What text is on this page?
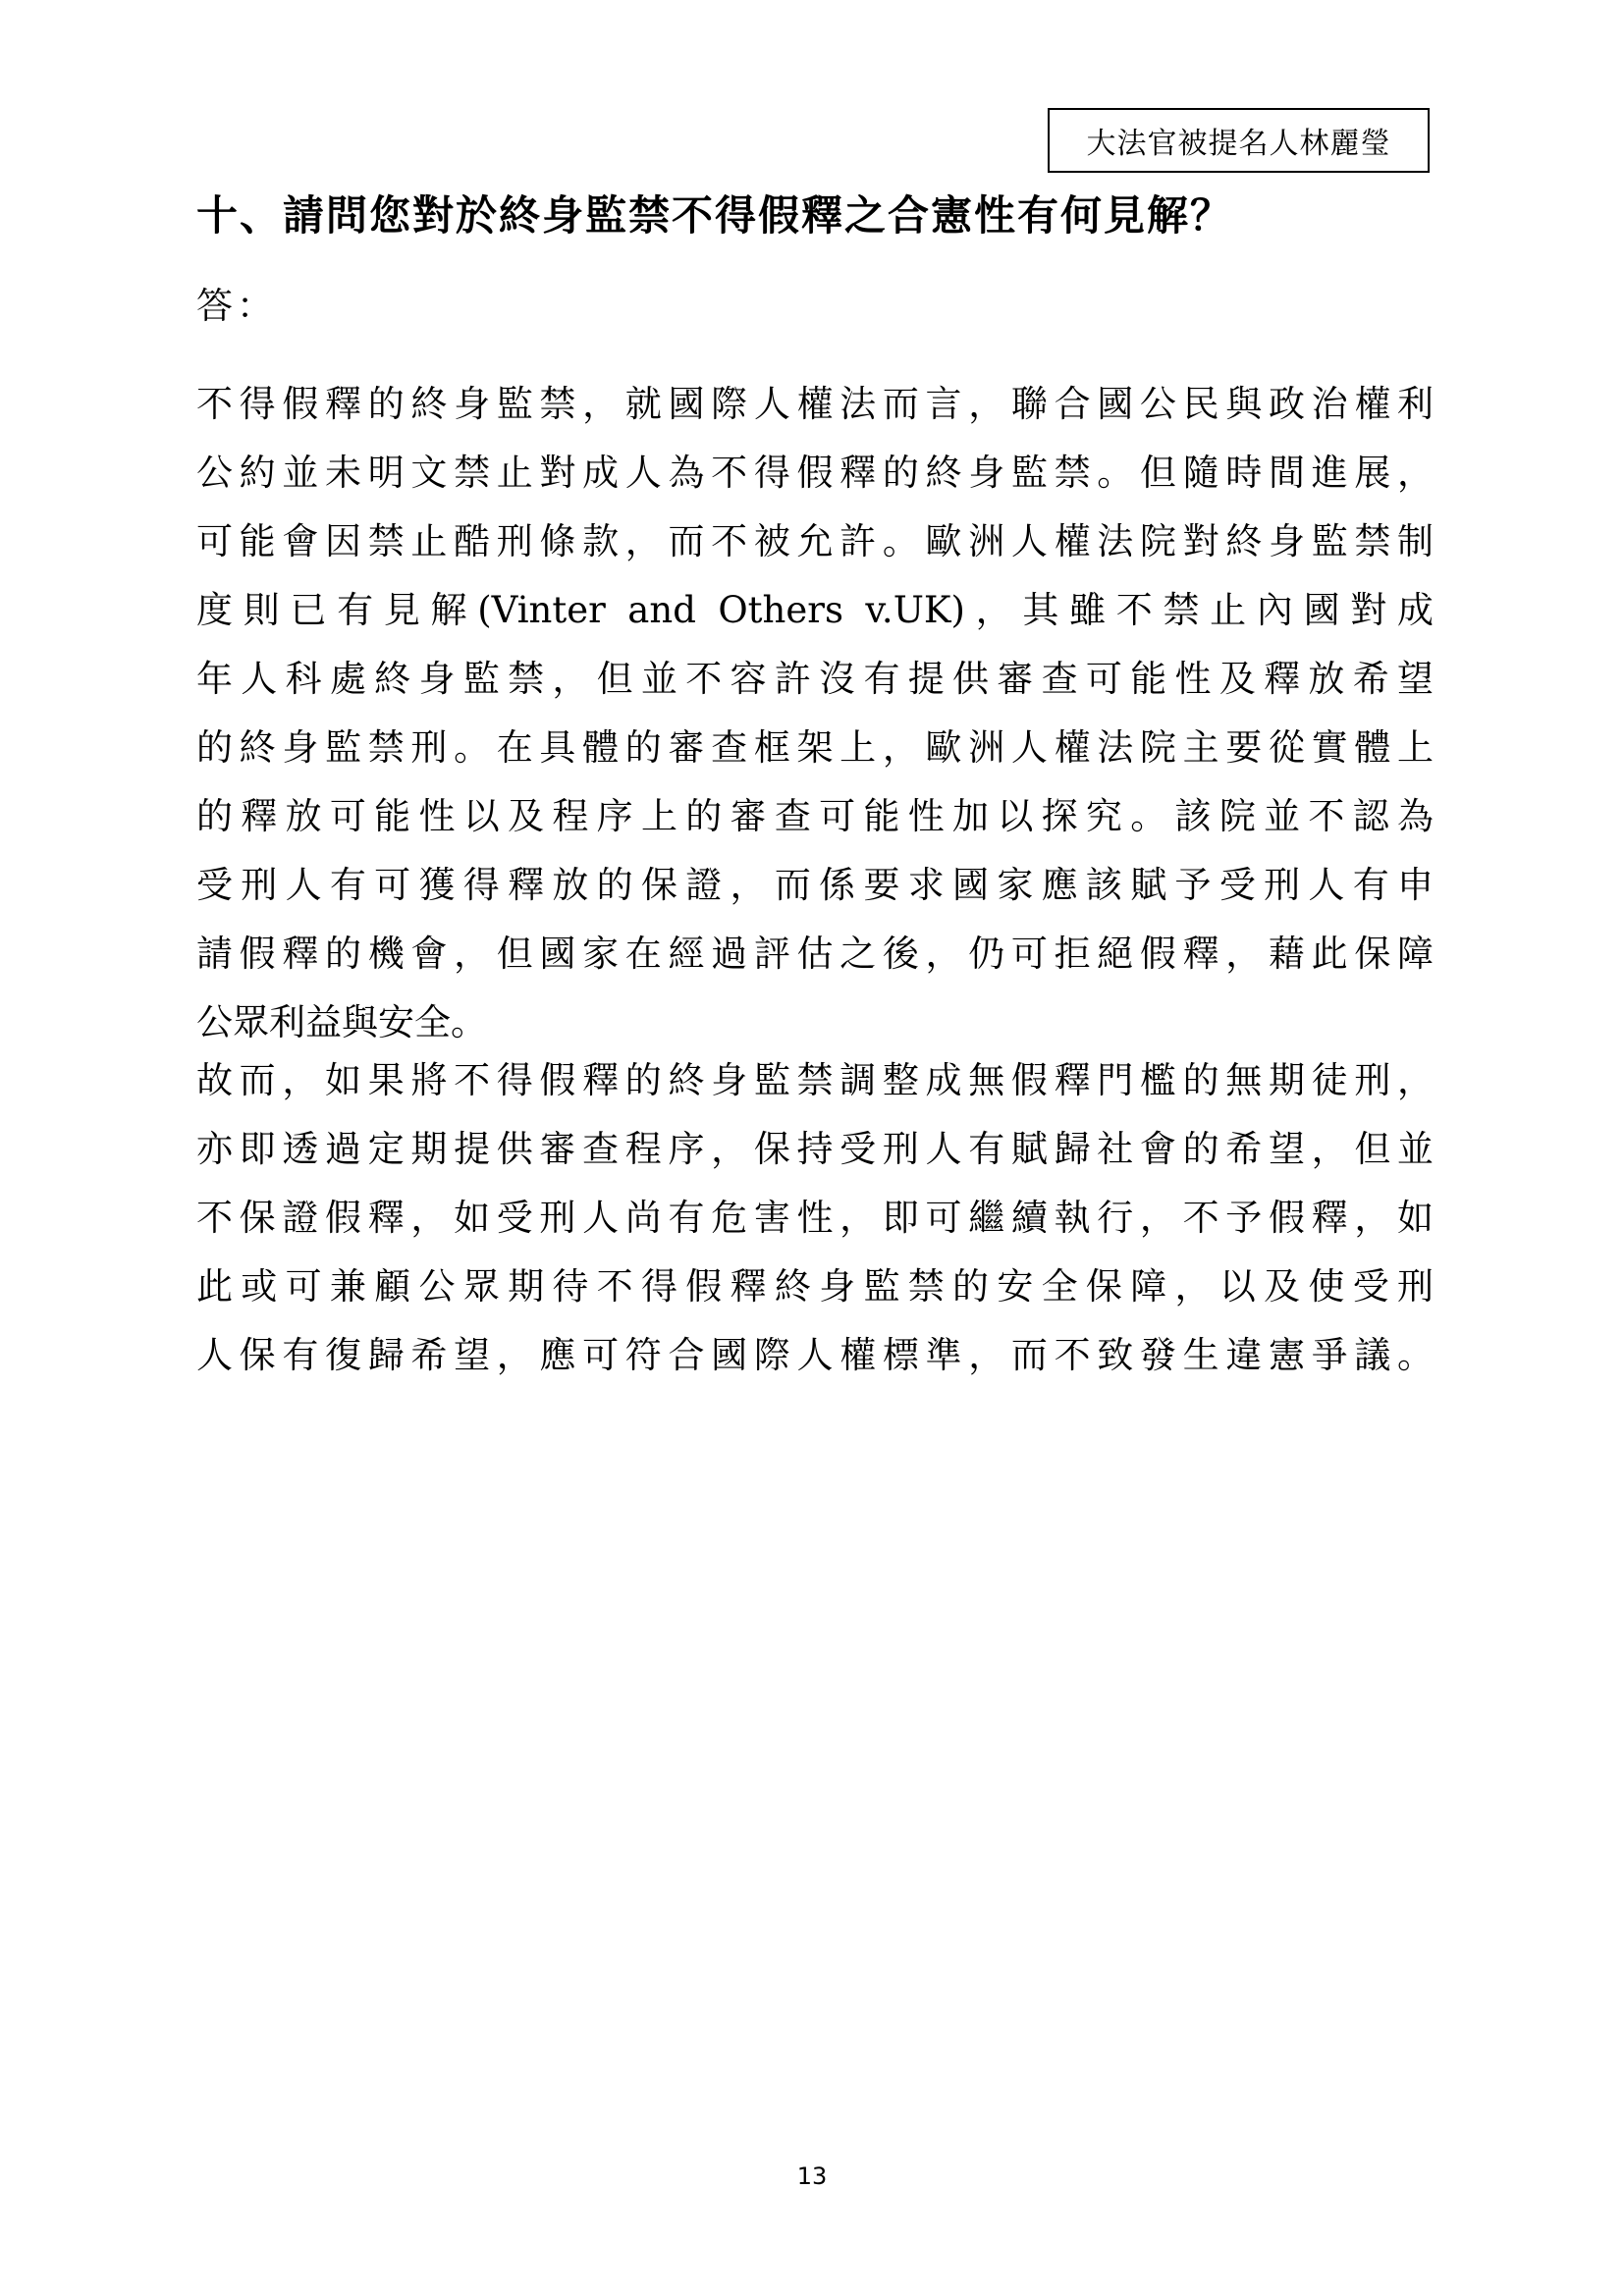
大法官被提名人林麗瑩
十、請問您對於終身監禁不得假釋之合憲性有何見解？
答：
不得假釋的終身監禁，就國際人權法而言，聯合國公民與政治權利
公約並未明文禁止對成人為不得假釋的終身監禁。但隨時間進展，
可能會因禁止酷刑條款，而不被允許。歐洲人權法院對終身監禁制
度則已有見解(Vinter and Others v.UK)，其雖不禁止內國對成
年人科處終身監禁，但並不容許沒有提供審查可能性及釋放希望
的終身監禁刑。在具體的審查框架上，歐洲人權法院主要從實體上
的釋放可能性以及程序上的審查可能性加以探究。該院並不認為
受刑人有可獲得釋放的保證，而係要求國家應該賦予受刑人有申
請假釋的機會，但國家在經過評估之後，仍可拒絕假釋，藉此保障
公眾利益與安全。
故而，如果將不得假釋的終身監禁調整成無假釋門檻的無期徒刑，
亦即透過定期提供審查程序，保持受刑人有賦歸社會的希望，但並
不保證假釋，如受刑人尚有危害性，即可繼續執行，不予假釋，如
此或可兼顧公眾期待不得假釋終身監禁的安全保障，以及使受刑
人保有復歸希望，應可符合國際人權標準，而不致發生違憲爭議。
13
